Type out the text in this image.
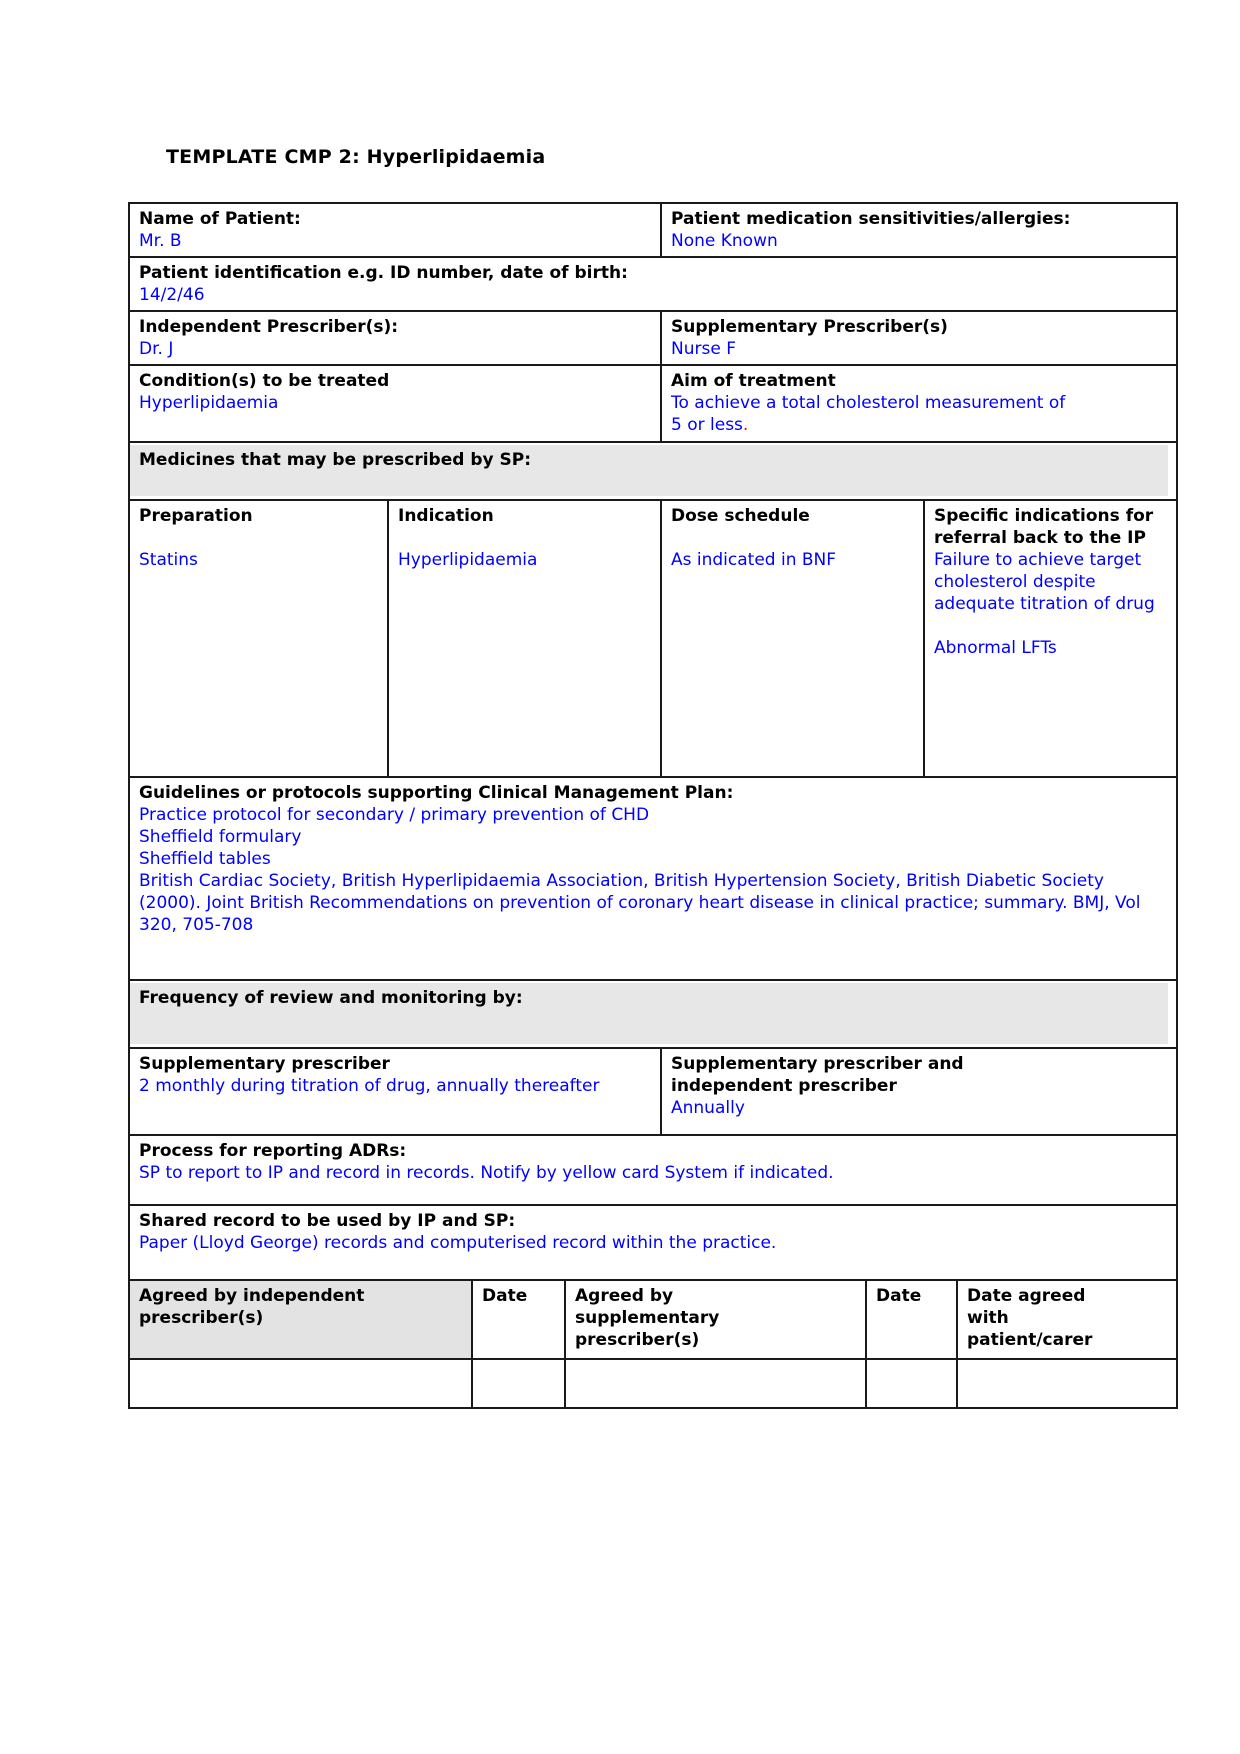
TEMPLATE CMP 2: Hyperlipidaemia
Name of Patient:
Mr. B
Patient medication sensitivities/allergies:
None Known
Patient identification e.g. ID number, date of birth:
14/2/46
Independent Prescriber(s):
Dr. J
Supplementary Prescriber(s)
Nurse F
Condition(s) to be treated
Hyperlipidaemia
Aim of treatment
To achieve a total cholesterol measurement of
5 or less.
Medicines that may be prescribed by SP:
Preparation
Statins
Indication
Hyperlipidaemia
Dose schedule
As indicated in BNF
Specific indications for referral back to the IP
Failure to achieve target cholesterol despite adequate titration of drug
Abnormal LFTs
Guidelines or protocols supporting Clinical Management Plan:
Practice protocol for secondary / primary prevention of CHD
Sheffield formulary
Sheffield tables
British Cardiac Society, British Hyperlipidaemia Association, British Hypertension Society, British Diabetic Society (2000). Joint British Recommendations on prevention of coronary heart disease in clinical practice; summary. BMJ, Vol 320, 705-708
Frequency of review and monitoring by:
Supplementary prescriber
2 monthly during titration of drug, annually thereafter
Supplementary prescriber and independent prescriber
Annually
Process for reporting ADRs:
SP to report to IP and record in records. Notify by yellow card System if indicated.
Shared record to be used by IP and SP:
Paper (Lloyd George) records and computerised record within the practice.
Agreed by independent prescriber(s)
Date	Agreed by supplementary prescriber(s)
Date	Date agreed with patient/carer
